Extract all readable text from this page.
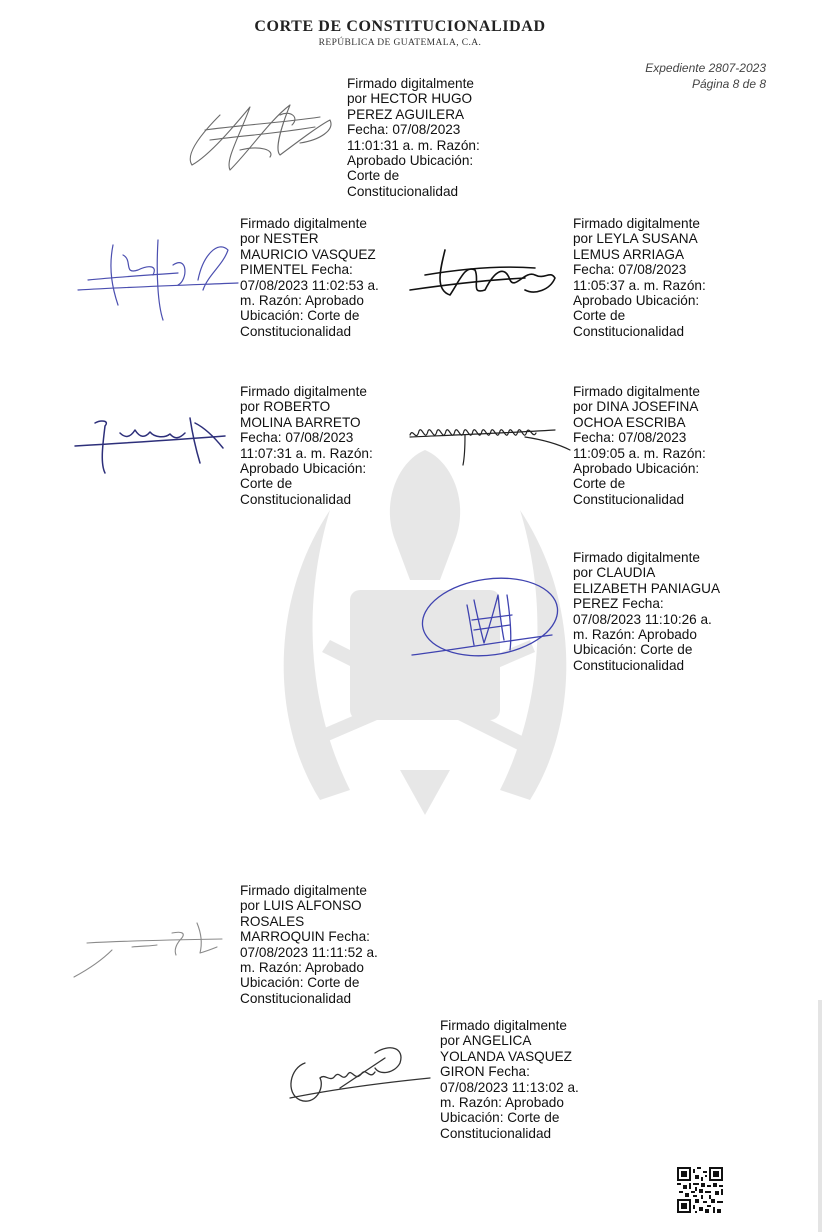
CORTE DE CONSTITUCIONALIDAD
REPÚBLICA DE GUATEMALA, C.A.
Expediente 2807-2023
Página 8 de 8
Firmado digitalmente
por HECTOR HUGO
PEREZ AGUILERA
Fecha: 07/08/2023
11:01:31 a. m. Razón:
Aprobado Ubicación:
Corte de
Constitucionalidad
Firmado digitalmente
por NESTER
MAURICIO VASQUEZ
PIMENTEL Fecha:
07/08/2023 11:02:53 a.
m. Razón: Aprobado
Ubicación: Corte de
Constitucionalidad
Firmado digitalmente
por LEYLA SUSANA
LEMUS ARRIAGA
Fecha: 07/08/2023
11:05:37 a. m. Razón:
Aprobado Ubicación:
Corte de
Constitucionalidad
Firmado digitalmente
por ROBERTO
MOLINA BARRETO
Fecha: 07/08/2023
11:07:31 a. m. Razón:
Aprobado Ubicación:
Corte de
Constitucionalidad
Firmado digitalmente
por DINA JOSEFINA
OCHOA ESCRIBA
Fecha: 07/08/2023
11:09:05 a. m. Razón:
Aprobado Ubicación:
Corte de
Constitucionalidad
Firmado digitalmente
por CLAUDIA
ELIZABETH PANIAGUA
PEREZ Fecha:
07/08/2023 11:10:26 a.
m. Razón: Aprobado
Ubicación: Corte de
Constitucionalidad
Firmado digitalmente
por LUIS ALFONSO
ROSALES
MARROQUIN Fecha:
07/08/2023 11:11:52 a.
m. Razón: Aprobado
Ubicación: Corte de
Constitucionalidad
Firmado digitalmente
por ANGELICA
YOLANDA VASQUEZ
GIRON Fecha:
07/08/2023 11:13:02 a.
m. Razón: Aprobado
Ubicación: Corte de
Constitucionalidad
